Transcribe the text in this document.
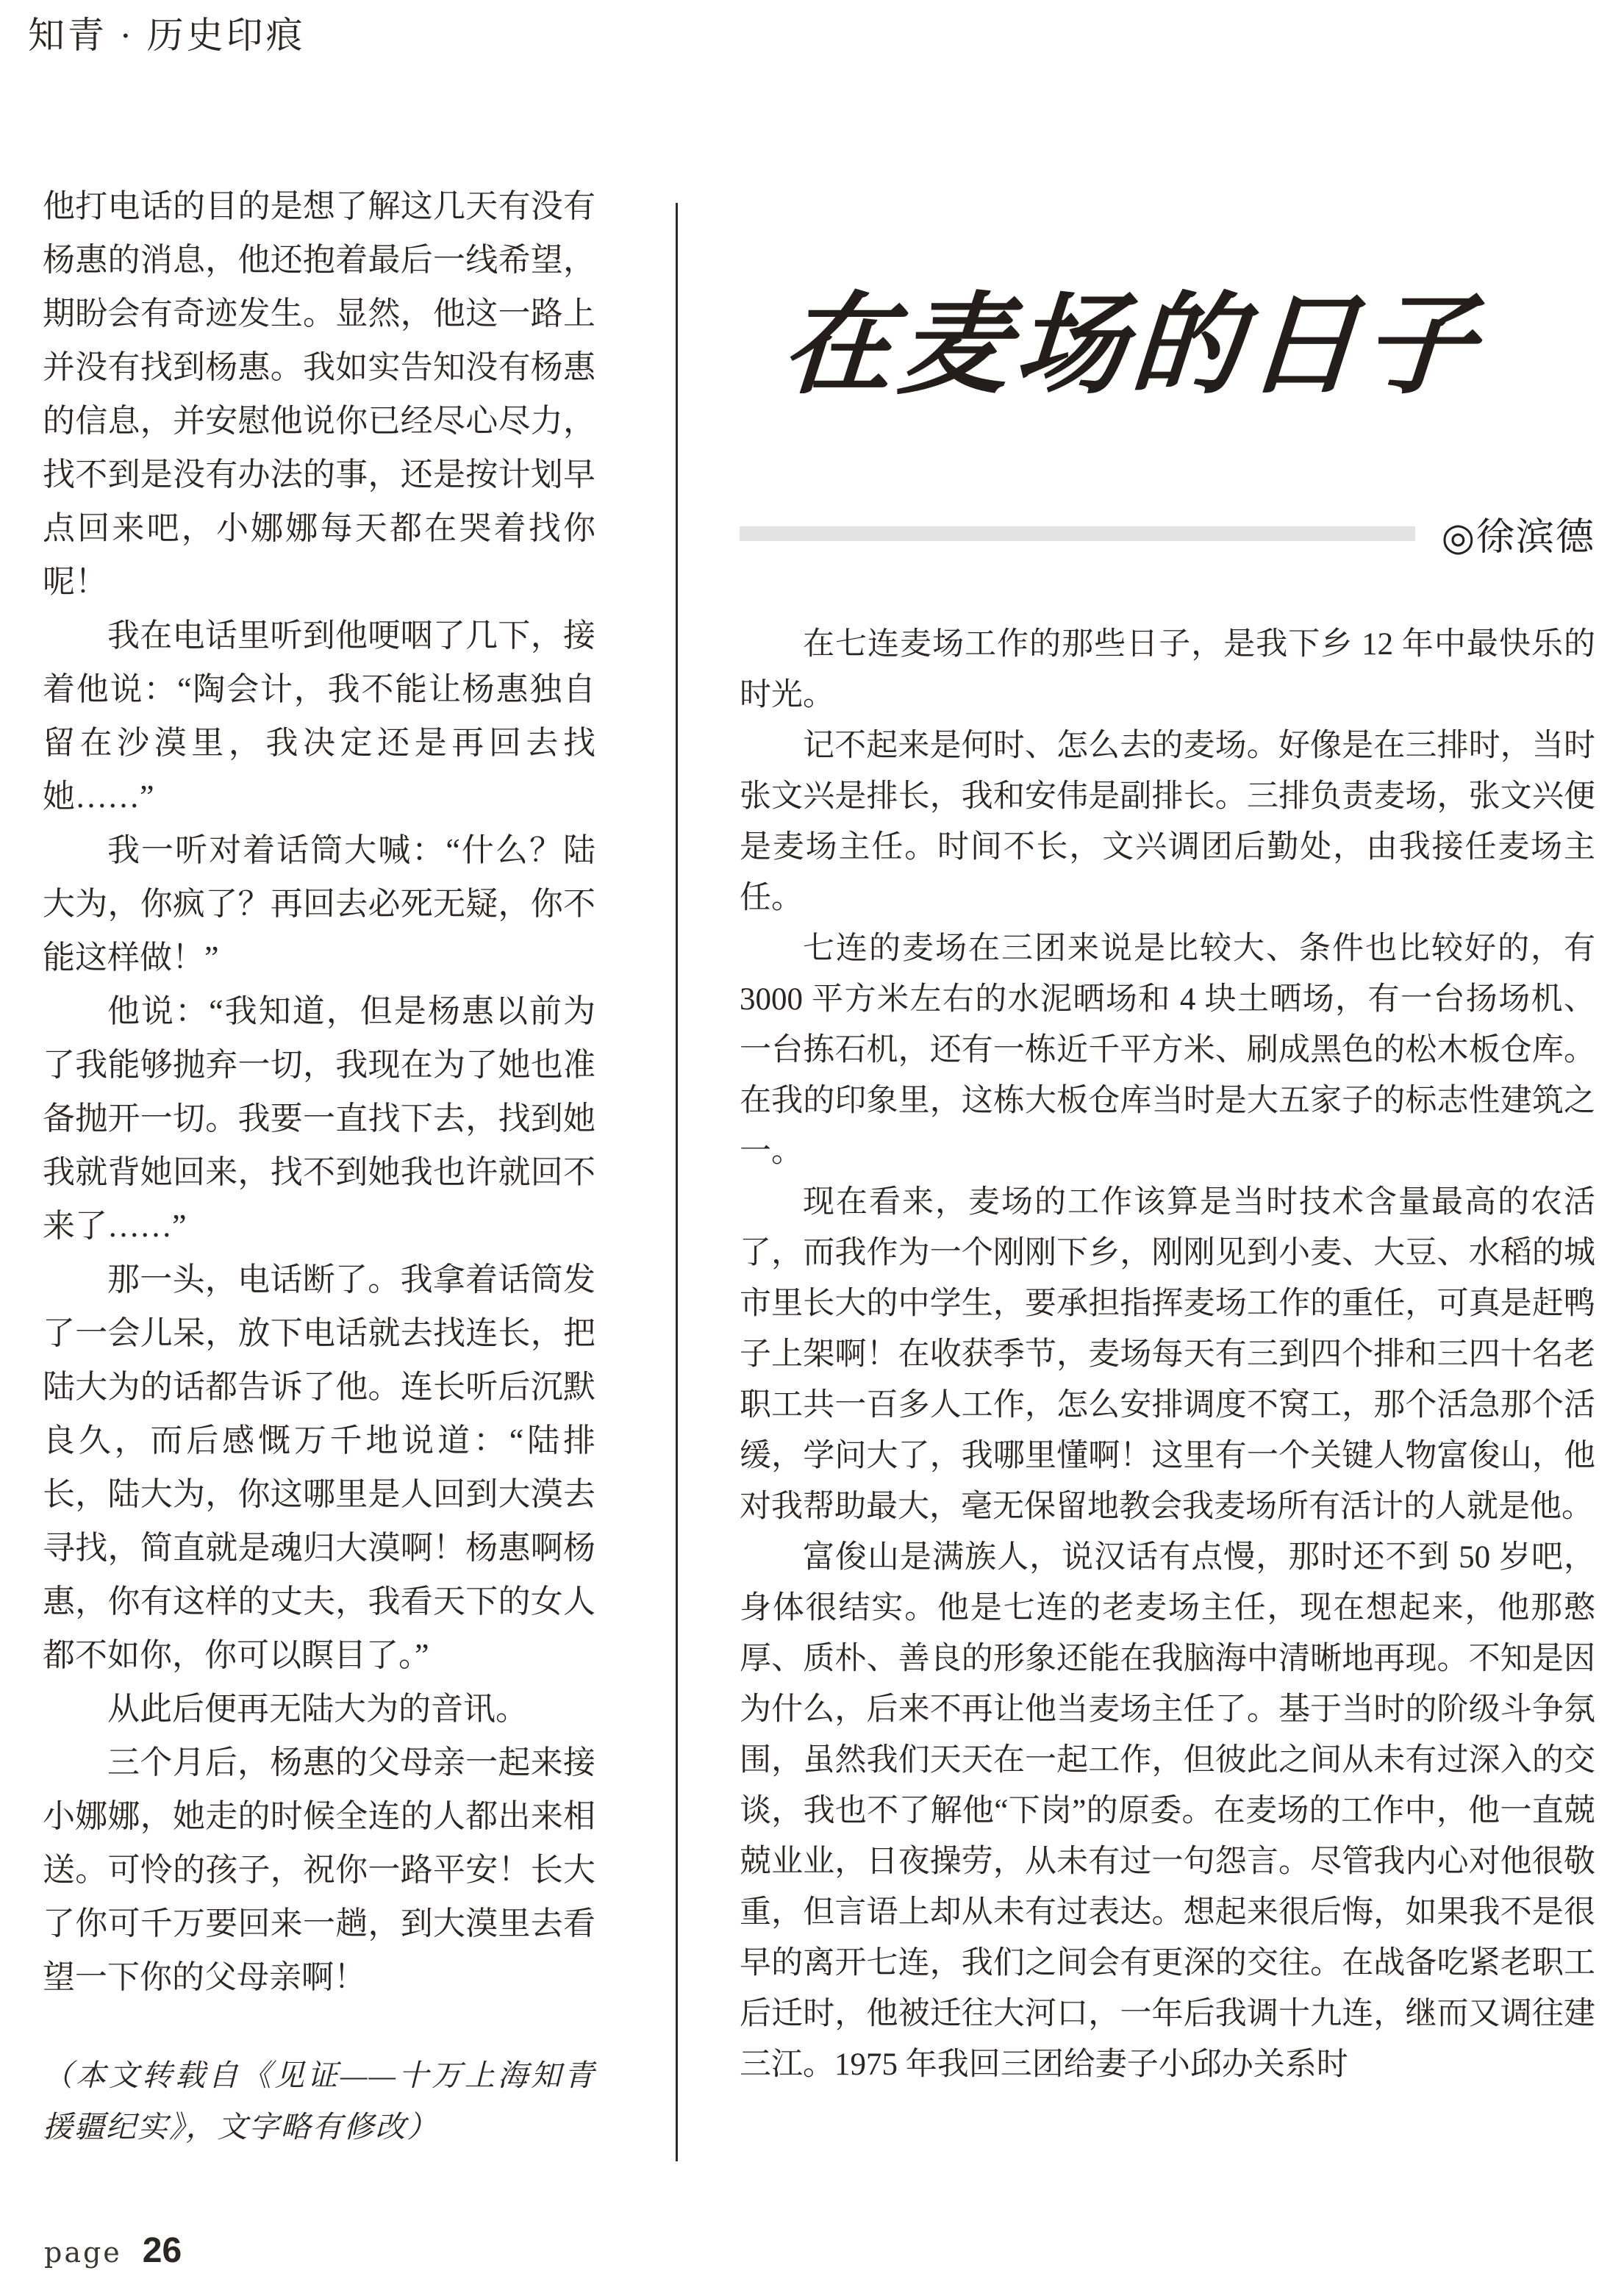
知青 · 历史印痕

他打电话的目的是想了解这几天有没有杨惠的消息，他还抱着最后一线希望，期盼会有奇迹发生。显然，他这一路上并没有找到杨惠。我如实告知没有杨惠的信息，并安慰他说你已经尽心尽力，找不到是没有办法的事，还是按计划早点回来吧，小娜娜每天都在哭着找你呢！

我在电话里听到他哽咽了几下，接着他说：“陶会计，我不能让杨惠独自留在沙漠里，我决定还是再回去找她……”

我一听对着话筒大喊：“什么？陆大为，你疯了？再回去必死无疑，你不能这样做！”

他说：“我知道，但是杨惠以前为了我能够抛弃一切，我现在为了她也准备抛开一切。我要一直找下去，找到她我就背她回来，找不到她我也许就回不来了……”

那一头，电话断了。我拿着话筒发了一会儿呆，放下电话就去找连长，把陆大为的话都告诉了他。连长听后沉默良久，而后感慨万千地说道：“陆排长，陆大为，你这哪里是人回到大漠去寻找，简直就是魂归大漠啊！杨惠啊杨惠，你有这样的丈夫，我看天下的女人都不如你，你可以瞑目了。”

从此后便再无陆大为的音讯。

三个月后，杨惠的父母亲一起来接小娜娜，她走的时候全连的人都出来相送。可怜的孩子，祝你一路平安！长大了你可千万要回来一趟，到大漠里去看望一下你的父母亲啊！

（本文转载自《见证——十万上海知青援疆纪实》，文字略有修改）

在麦场的日子
◎徐滨德

在七连麦场工作的那些日子，是我下乡 12 年中最快乐的时光。

记不起来是何时、怎么去的麦场。好像是在三排时，当时张文兴是排长，我和安伟是副排长。三排负责麦场，张文兴便是麦场主任。时间不长，文兴调团后勤处，由我接任麦场主任。

七连的麦场在三团来说是比较大、条件也比较好的，有 3000 平方米左右的水泥晒场和 4 块土晒场，有一台扬场机、一台拣石机，还有一栋近千平方米、刷成黑色的松木板仓库。在我的印象里，这栋大板仓库当时是大五家子的标志性建筑之一。

现在看来，麦场的工作该算是当时技术含量最高的农活了，而我作为一个刚刚下乡，刚刚见到小麦、大豆、水稻的城市里长大的中学生，要承担指挥麦场工作的重任，可真是赶鸭子上架啊！在收获季节，麦场每天有三到四个排和三四十名老职工共一百多人工作，怎么安排调度不窝工，那个活急那个活缓，学问大了，我哪里懂啊！这里有一个关键人物富俊山，他对我帮助最大，毫无保留地教会我麦场所有活计的人就是他。

富俊山是满族人，说汉话有点慢，那时还不到 50 岁吧，身体很结实。他是七连的老麦场主任，现在想起来，他那憨厚、质朴、善良的形象还能在我脑海中清晰地再现。不知是因为什么，后来不再让他当麦场主任了。基于当时的阶级斗争氛围，虽然我们天天在一起工作，但彼此之间从未有过深入的交谈，我也不了解他“下岗”的原委。在麦场的工作中，他一直兢兢业业，日夜操劳，从未有过一句怨言。尽管我内心对他很敬重，但言语上却从未有过表达。想起来很后悔，如果我不是很早的离开七连，我们之间会有更深的交往。在战备吃紧老职工后迁时，他被迁往大河口，一年后我调十九连，继而又调往建三江。1975 年我回三团给妻子小邱办关系时

page 26
